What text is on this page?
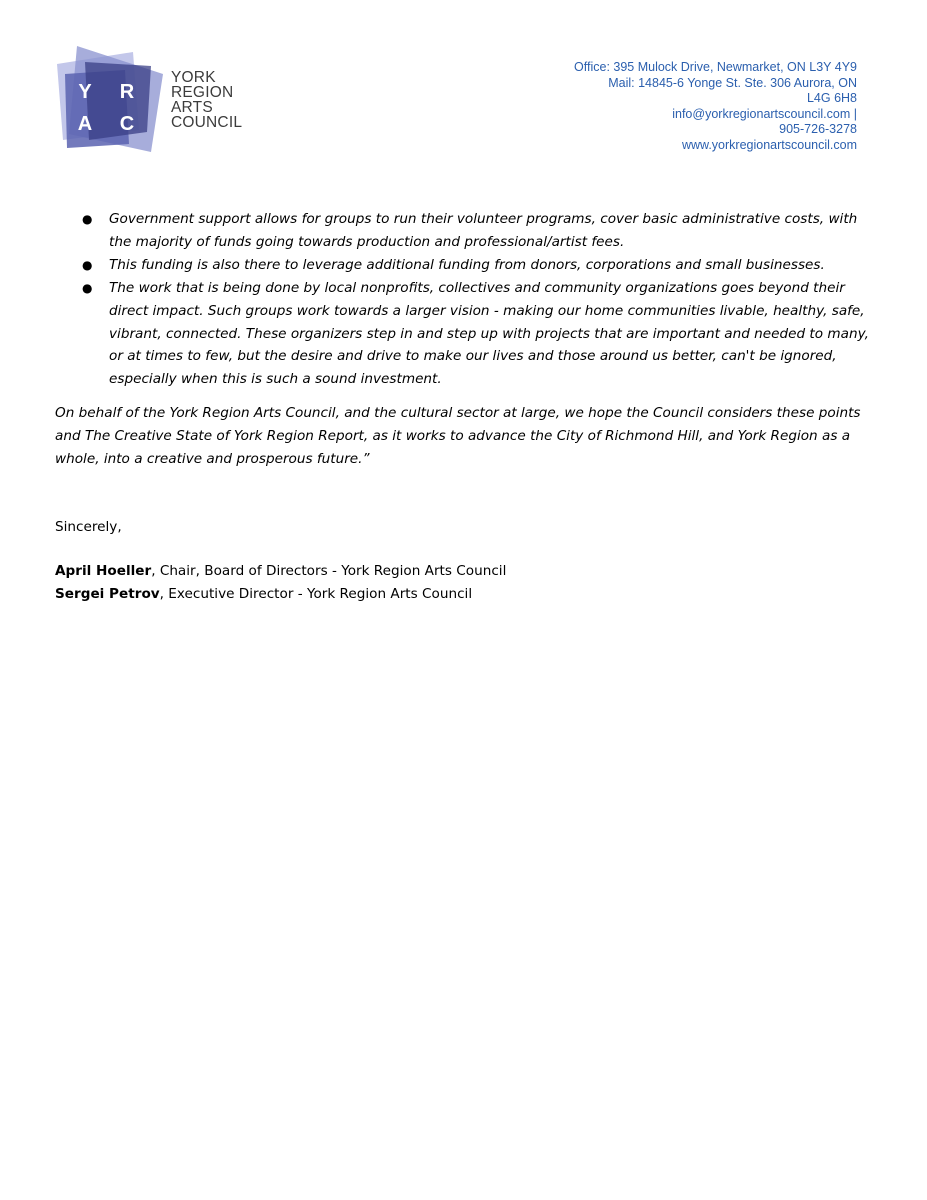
Y R
A C
YORK
REGION
ARTS
COUNCIL
Office: 395 Mulock Drive, Newmarket, ON L3Y 4Y9
Mail: 14845-6 Yonge St. Ste. 306 Aurora, ON
L4G 6H8
info@yorkregionartscouncil.com |
905-726-3278
www.yorkregionartscouncil.com
● Government support allows for groups to run their volunteer programs, cover basic administrative costs, with the majority of funds going towards production and professional/artist fees.
● This funding is also there to leverage additional funding from donors, corporations and small businesses.
● The work that is being done by local nonprofits, collectives and community organizations goes beyond their direct impact. Such groups work towards a larger vision - making our home communities livable, healthy, safe, vibrant, connected. These organizers step in and step up with projects that are important and needed to many, or at times to few, but the desire and drive to make our lives and those around us better, can't be ignored, especially when this is such a sound investment.
On behalf of the York Region Arts Council, and the cultural sector at large, we hope the Council considers these points and The Creative State of York Region Report, as it works to advance the City of Richmond Hill, and York Region as a whole, into a creative and prosperous future.”
Sincerely,
April Hoeller, Chair, Board of Directors - York Region Arts Council
Sergei Petrov, Executive Director - York Region Arts Council
